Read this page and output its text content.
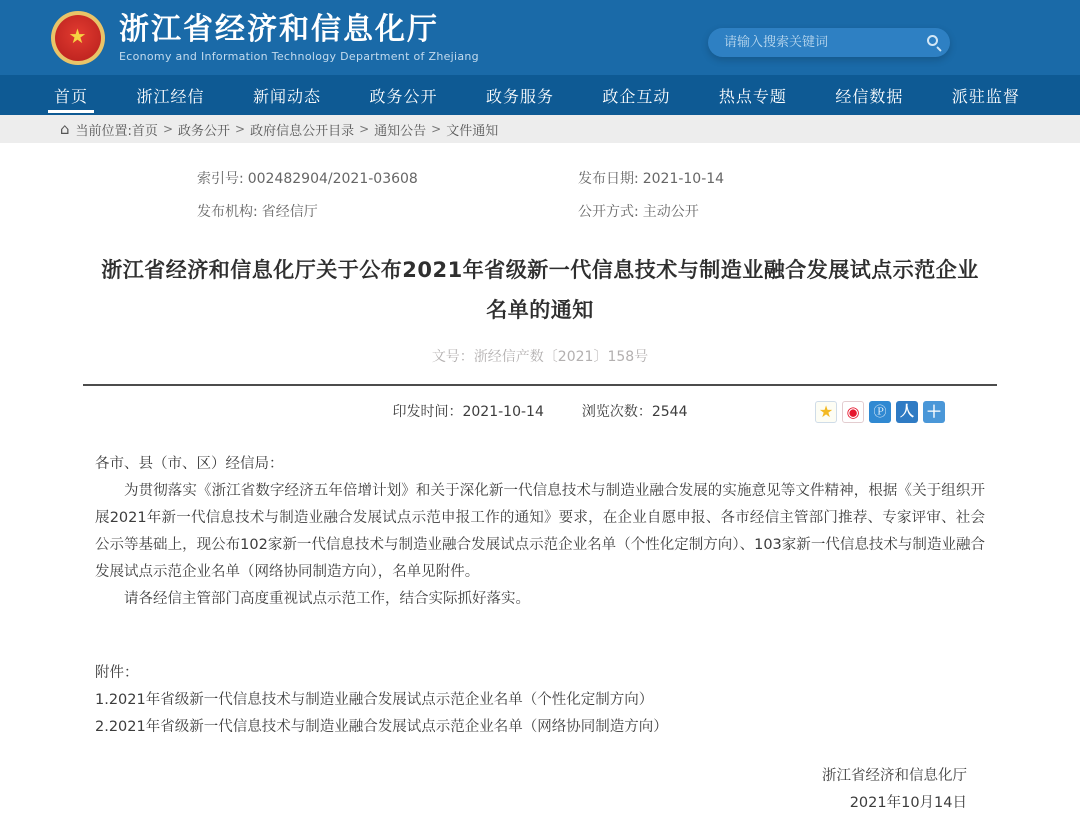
★ 浙江省经济和信息化厅
Economy and Information Technology Department of Zhejiang
请输入搜索关键词
首页	浙江经信	新闻动态	政务公开	政务服务	政企互动	热点专题	经信数据	派驻监督
⌂ 当前位置: 首页 > 政务公开 > 政府信息公开目录 > 通知公告 > 文件通知
索引号: 002482904/2021-03608	发布日期: 2021-10-14
发布机构: 省经信厅	公开方式: 主动公开
浙江省经济和信息化厅关于公布2021年省级新一代信息技术与制造业融合发展试点示范企业名单的通知
文号：浙经信产数〔2021〕158号
印发时间：2021-10-14	浏览次数：2544	★ ◉	Ⓟ 人 ＋

各市、县（市、区）经信局：

为贯彻落实《浙江省数字经济五年倍增计划》和关于深化新一代信息技术与制造业融合发展的实施意见等文件精神，根据《关于组织开展2021年新一代信息技术与制造业融合发展试点示范申报工作的通知》要求，在企业自愿申报、各市经信主管部门推荐、专家评审、社会公示等基础上，现公布102家新一代信息技术与制造业融合发展试点示范企业名单（个性化定制方向）、103家新一代信息技术与制造业融合发展试点示范企业名单（网络协同制造方向），名单见附件。

请各经信主管部门高度重视试点示范工作，结合实际抓好落实。

附件：

1.2021年省级新一代信息技术与制造业融合发展试点示范企业名单（个性化定制方向）

2.2021年省级新一代信息技术与制造业融合发展试点示范企业名单（网络协同制造方向）

浙江省经济和信息化厅

2021年10月14日
